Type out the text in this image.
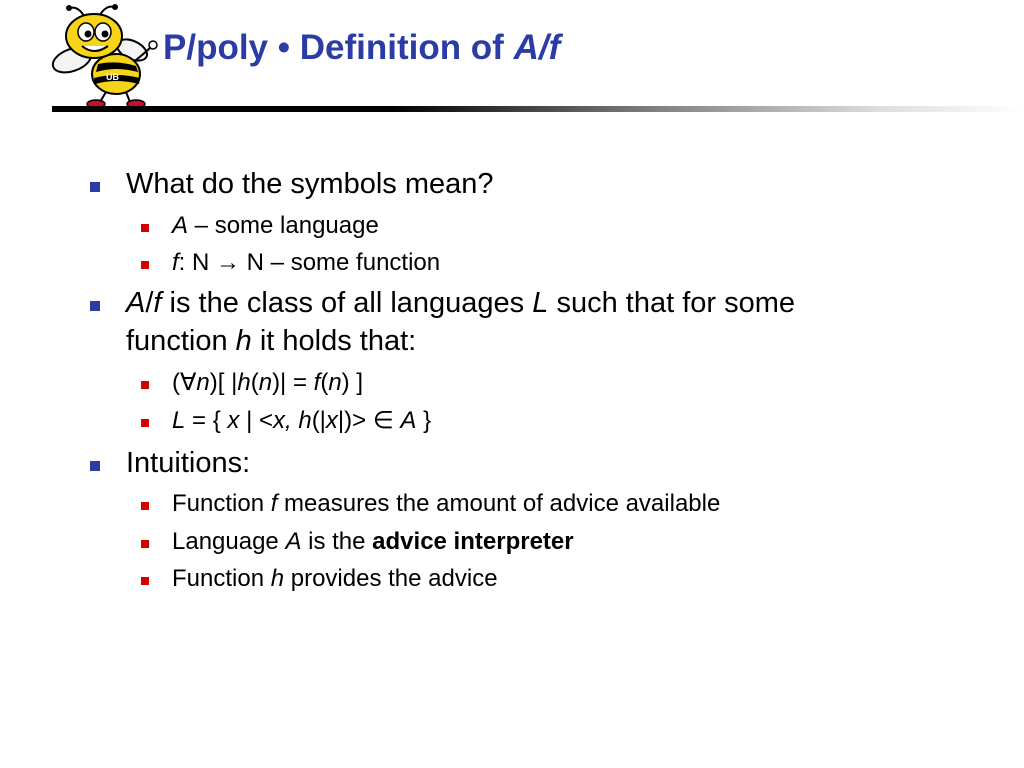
UB
P/poly • Definition of A/f
What do the symbols mean?
A – some language
f: N → N – some function
A/f is the class of all languages L such that for some
function h it holds that:
(∀n)[ |h(n)| = f(n) ]
L = { x | <x, h(|x|)> ∈ A }
Intuitions:
Function f measures the amount of advice available
Language A is the advice interpreter
Function h provides the advice
